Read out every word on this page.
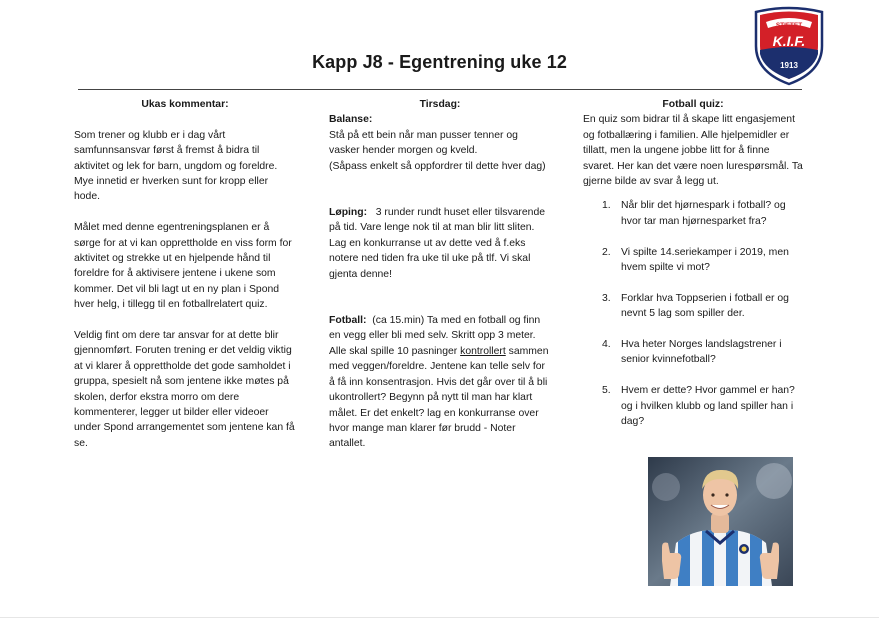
Kapp J8 - Egentrening uke 12
STIFTET
K.I.F.
1913
Ukas kommentar:

Som trener og klubb er i dag vårt samfunnsansvar først å fremst å bidra til aktivitet og lek for barn, ungdom og foreldre. Mye innetid er hverken sunt for kropp eller hode.

Målet med denne egentreningsplanen er å sørge for at vi kan opprettholde en viss form for aktivitet og strekke ut en hjelpende hånd til foreldre for å aktivisere jentene i ukene som kommer. Det vil bli lagt ut en ny plan i Spond hver helg, i tillegg til en fotballrelatert quiz.

Veldig fint om dere tar ansvar for at dette blir gjennomført. Foruten trening er det veldig viktig at vi klarer å opprettholde det gode samholdet i gruppa, spesielt nå som jentene ikke møtes på skolen, derfor ekstra morro om dere kommenterer, legger ut bilder eller videoer under Spond arrangementet som jentene kan få se.

Tirsdag:
Balanse:
Stå på ett bein når man pusser tenner og vasker hender morgen og kveld.

(Såpass enkelt så oppfordrer til dette hver dag)

Løping: 3 runder rundt huset eller tilsvarende på tid. Vare lenge nok til at man blir litt sliten. Lag en konkurranse ut av dette ved å f.eks notere ned tiden fra uke til uke på tlf. Vi skal gjenta denne!

Fotball: (ca 15.min) Ta med en fotball og finn en vegg eller bli med selv. Skritt opp 3 meter. Alle skal spille 10 pasninger kontrollert sammen med veggen/foreldre. Jentene kan telle selv for å få inn konsentrasjon. Hvis det går over til å bli ukontrollert? Begynn på nytt til man har klart målet. Er det enkelt? lag en konkurranse over hvor mange man klarer før brudd - Noter antallet.

Fotball quiz:
En quiz som bidrar til å skape litt engasjement og fotballæring i familien. Alle hjelpemidler er tillatt, men la ungene jobbe litt for å finne svaret. Her kan det være noen lurespørsmål. Ta gjerne bilde av svar å legg ut.
1. Når blir det hjørnespark i fotball? og hvor tar man hjørnesparket fra?
2. Vi spilte 14.seriekamper i 2019, men hvem spilte vi mot?
3. Forklar hva Toppserien i fotball er og nevnt 5 lag som spiller der.
4. Hva heter Norges landslagstrener i senior kvinnefotball?
5. Hvem er dette? Hvor gammel er han? og i hvilken klubb og land spiller han i dag?
